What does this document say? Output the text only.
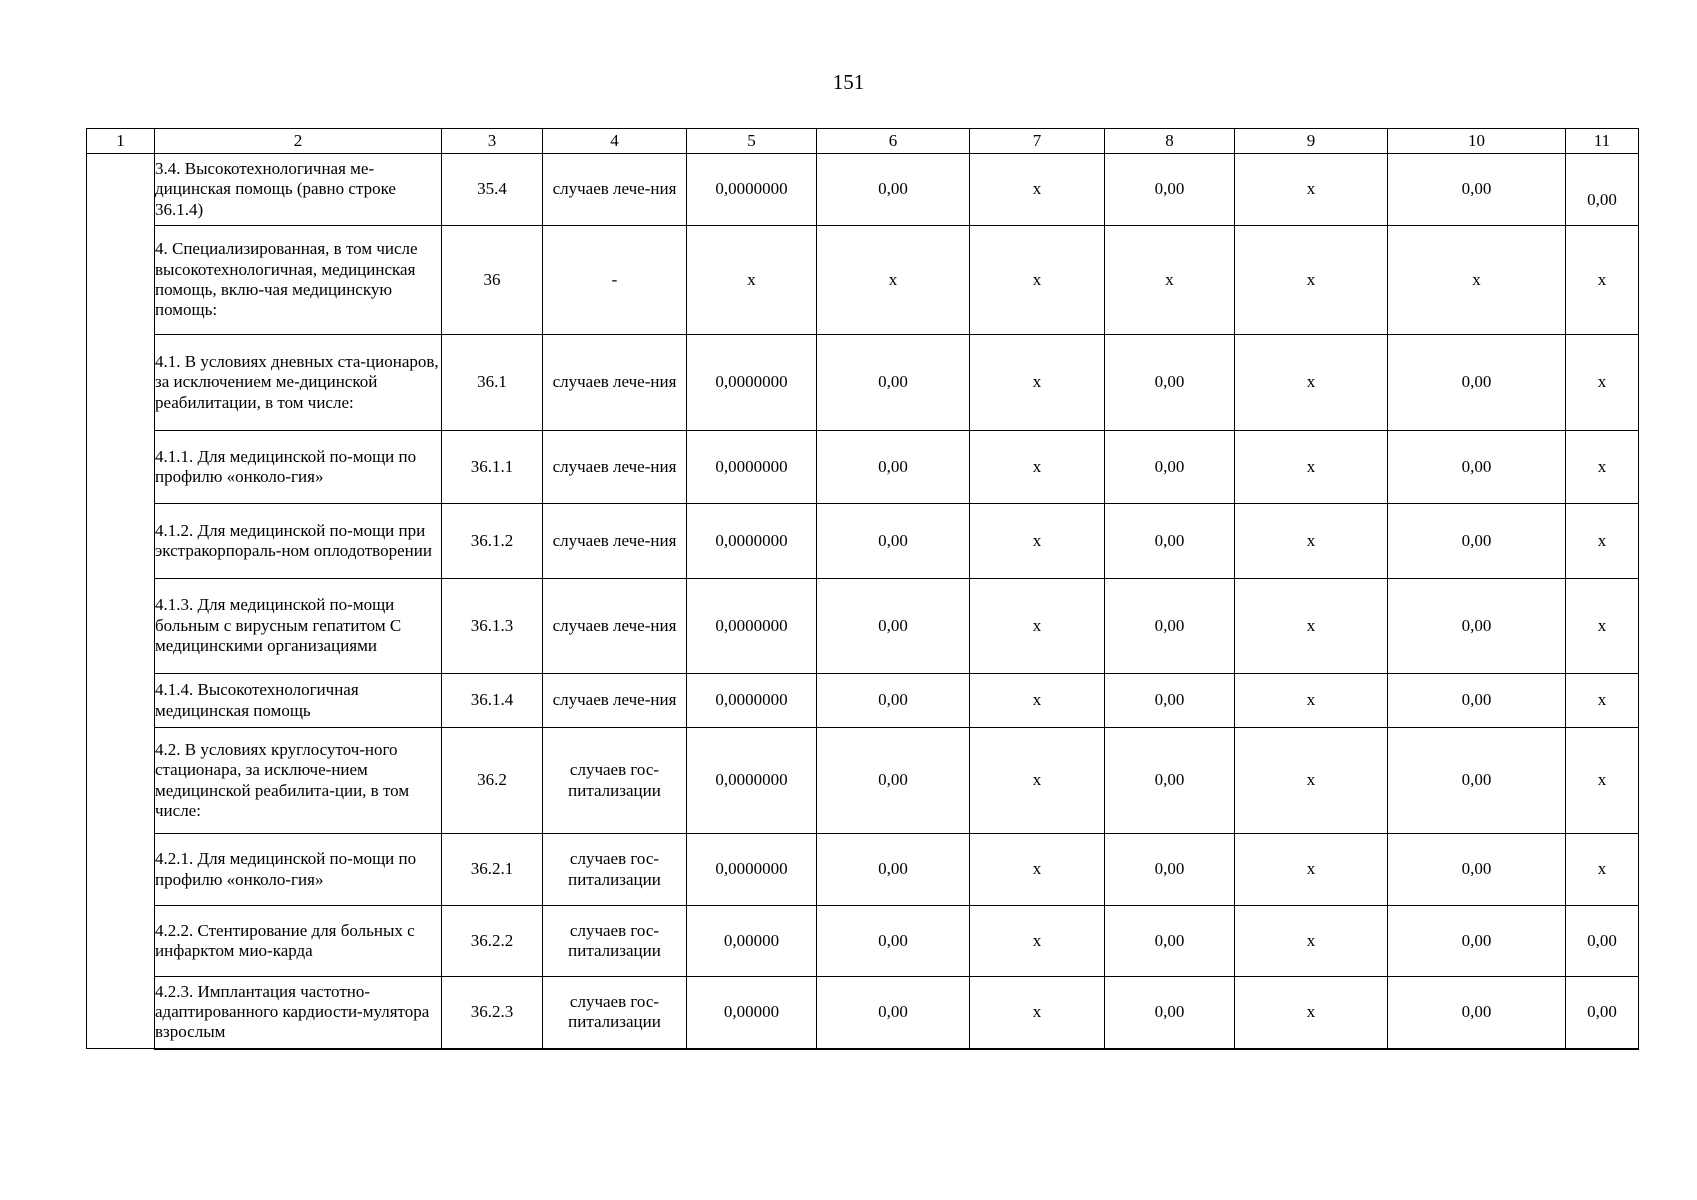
151
1	2	3	4	5	6	7	8	9	10	11
	3.4. Высокотехнологичная ме-дицинская помощь (равно строке 36.1.4)	35.4	случаев лече-ния	0,0000000	0,00	x	0,00	x	0,00	0,00
	4. Специализированная, в том числе высокотехнологичная, медицинская помощь, вклю-чая медицинскую помощь:	36	-	x	x	x	x	x	x	x
	4.1. В условиях дневных ста-ционаров, за исключением ме-дицинской реабилитации, в том числе:	36.1	случаев лече-ния	0,0000000	0,00	x	0,00	x	0,00	x
	4.1.1. Для медицинской по-мощи по профилю «онколо-гия»	36.1.1	случаев лече-ния	0,0000000	0,00	x	0,00	x	0,00	x
	4.1.2. Для медицинской по-мощи при экстракорпораль-ном оплодотворении	36.1.2	случаев лече-ния	0,0000000	0,00	x	0,00	x	0,00	x
	4.1.3. Для медицинской по-мощи больным с вирусным гепатитом С медицинскими организациями	36.1.3	случаев лече-ния	0,0000000	0,00	x	0,00	x	0,00	x
	4.1.4. Высокотехнологичная медицинская помощь	36.1.4	случаев лече-ния	0,0000000	0,00	x	0,00	x	0,00	x
	4.2. В условиях круглосуточ-ного стационара, за исключе-нием медицинской реабилита-ции, в том числе:	36.2	случаев гос-питализации	0,0000000	0,00	x	0,00	x	0,00	x
	4.2.1. Для медицинской по-мощи по профилю «онколо-гия»	36.2.1	случаев гос-питализации	0,0000000	0,00	x	0,00	x	0,00	x
	4.2.2. Стентирование для больных с инфарктом мио-карда	36.2.2	случаев гос-питализации	0,00000	0,00	x	0,00	x	0,00	0,00
	4.2.3. Имплантация частотно-адаптированного кардиости-мулятора взрослым	36.2.3	случаев гос-питализации	0,00000	0,00	x	0,00	x	0,00	0,00
